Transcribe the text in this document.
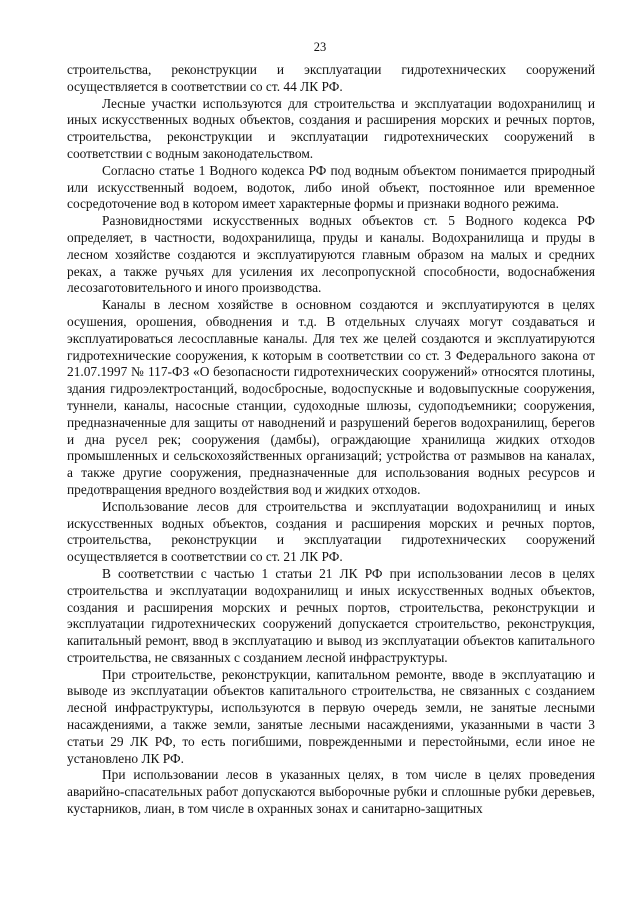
23

строительства, реконструкции и эксплуатации гидротехнических сооружений осуществляется в соответствии со ст. 44 ЛК РФ.

Лесные участки используются для строительства и эксплуатации водохранилищ и иных искусственных водных объектов, создания и расширения морских и речных портов, строительства, реконструкции и эксплуатации гидротехнических сооружений в соответствии с водным законодательством.

Согласно статье 1 Водного кодекса РФ под водным объектом понимается природный или искусственный водоем, водоток, либо иной объект, постоянное или временное сосредоточение вод в котором имеет характерные формы и признаки водного режима.

Разновидностями искусственных водных объектов ст. 5 Водного кодекса РФ определяет, в частности, водохранилища, пруды и каналы. Водохранилища и пруды в лесном хозяйстве создаются и эксплуатируются главным образом на малых и средних реках, а также ручьях для усиления их лесопропускной способности, водоснабжения лесозаготовительного и иного производства.

Каналы в лесном хозяйстве в основном создаются и эксплуатируются в целях осушения, орошения, обводнения и т.д. В отдельных случаях могут создаваться и эксплуатироваться лесосплавные каналы. Для тех же целей создаются и эксплуатируются гидротехнические сооружения, к которым в соответствии со ст. 3 Федерального закона от 21.07.1997 № 117-ФЗ «О безопасности гидротехнических сооружений» относятся плотины, здания гидроэлектростанций, водосбросные, водоспускные и водовыпускные сооружения, туннели, каналы, насосные станции, судоходные шлюзы, судоподъемники; сооружения, предназначенные для защиты от наводнений и разрушений берегов водохранилищ, берегов и дна русел рек; сооружения (дамбы), ограждающие хранилища жидких отходов промышленных и сельскохозяйственных организаций; устройства от размывов на каналах, а также другие сооружения, предназначенные для использования водных ресурсов и предотвращения вредного воздействия вод и жидких отходов.

Использование лесов для строительства и эксплуатации водохранилищ и иных искусственных водных объектов, создания и расширения морских и речных портов, строительства, реконструкции и эксплуатации гидротехнических сооружений осуществляется в соответствии со ст. 21 ЛК РФ.

В соответствии с частью 1 статьи 21 ЛК РФ при использовании лесов в целях строительства и эксплуатации водохранилищ и иных искусственных водных объектов, создания и расширения морских и речных портов, строительства, реконструкции и эксплуатации гидротехнических сооружений допускается строительство, реконструкция, капитальный ремонт, ввод в эксплуатацию и вывод из эксплуатации объектов капитального строительства, не связанных с созданием лесной инфраструктуры.

При строительстве, реконструкции, капитальном ремонте, вводе в эксплуатацию и выводе из эксплуатации объектов капитального строительства, не связанных с созданием лесной инфраструктуры, используются в первую очередь земли, не занятые лесными насаждениями, а также земли, занятые лесными насаждениями, указанными в части 3 статьи 29 ЛК РФ, то есть погибшими, поврежденными и перестойными, если иное не установлено ЛК РФ.

При использовании лесов в указанных целях, в том числе в целях проведения аварийно-спасательных работ допускаются выборочные рубки и сплошные рубки деревьев, кустарников, лиан, в том числе в охранных зонах и санитарно-защитных
